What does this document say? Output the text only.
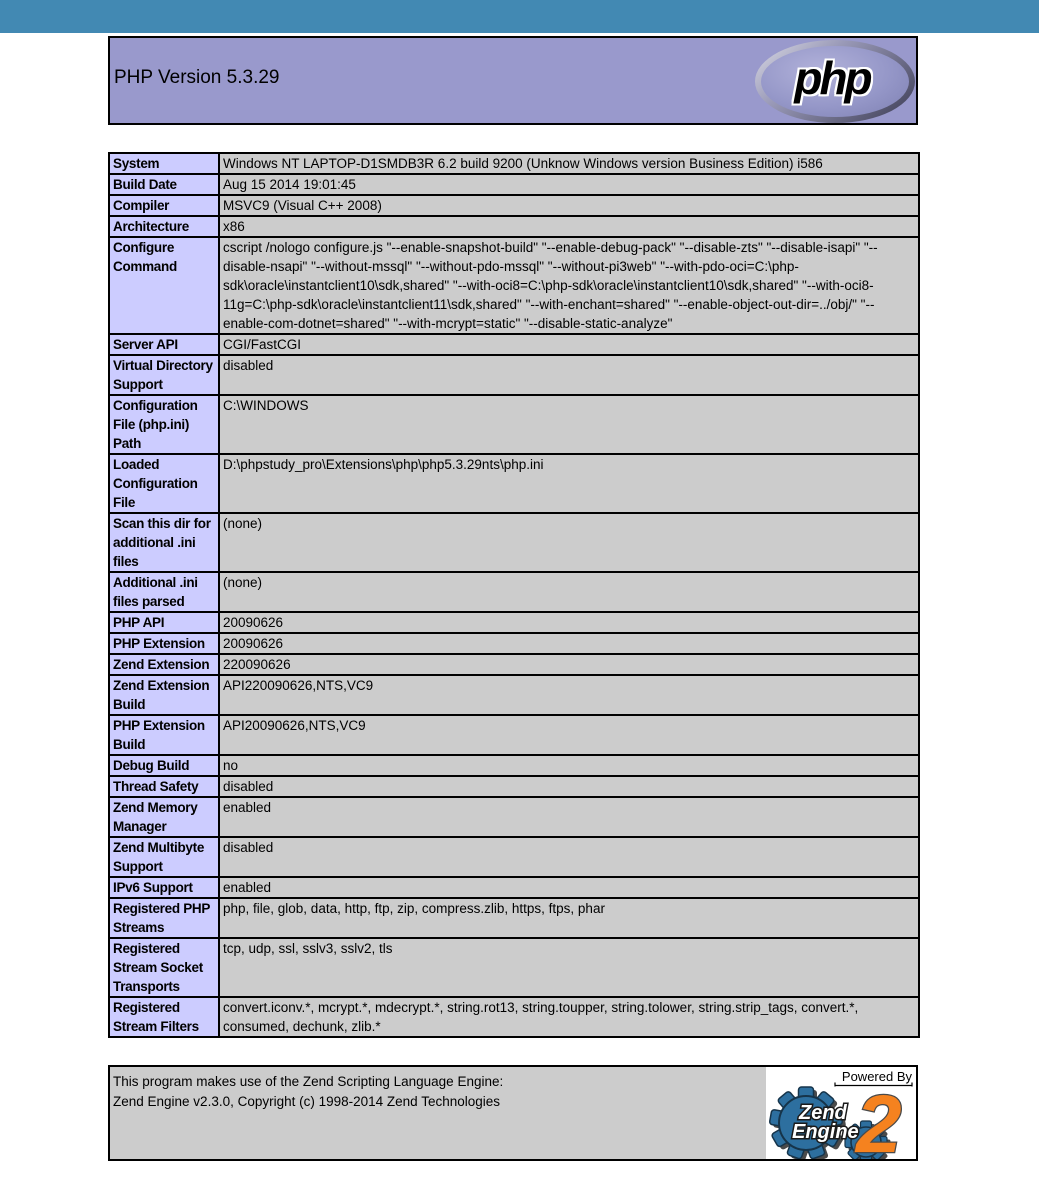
PHP Version 5.3.29	php
System	Windows NT LAPTOP-D1SMDB3R 6.2 build 9200 (Unknow Windows version Business Edition) i586
Build Date	Aug 15 2014 19:01:45
Compiler	MSVC9 (Visual C++ 2008)
Architecture	x86
Configure Command	cscript /nologo configure.js "--enable-snapshot-build" "--enable-debug-pack" "--disable-zts" "--disable-isapi" "--disable-nsapi" "--without-mssql" "--without-pdo-mssql" "--without-pi3web" "--with-pdo-oci=C:\php-sdk\oracle\instantclient10\sdk,shared" "--with-oci8=C:\php-sdk\oracle\instantclient10\sdk,shared" "--with-oci8-11g=C:\php-sdk\oracle\instantclient11\sdk,shared" "--with-enchant=shared" "--enable-object-out-dir=../obj/" "--enable-com-dotnet=shared" "--with-mcrypt=static" "--disable-static-analyze"
Server API	CGI/FastCGI
Virtual Directory Support	disabled
Configuration File (php.ini) Path	C:\WINDOWS
Loaded Configuration File	D:\phpstudy_pro\Extensions\php\php5.3.29nts\php.ini
Scan this dir for additional .ini files	(none)
Additional .ini files parsed	(none)
PHP API	20090626
PHP Extension	20090626
Zend Extension	220090626
Zend Extension Build	API220090626,NTS,VC9
PHP Extension Build	API20090626,NTS,VC9
Debug Build	no
Thread Safety	disabled
Zend Memory Manager	enabled
Zend Multibyte Support	disabled
IPv6 Support	enabled
Registered PHP Streams	php, file, glob, data, http, ftp, zip, compress.zlib, https, ftps, phar
Registered Stream Socket Transports	tcp, udp, ssl, sslv3, sslv2, tls
Registered Stream Filters	convert.iconv.*, mcrypt.*, mdecrypt.*, string.rot13, string.toupper, string.tolower, string.strip_tags, convert.*, consumed, dechunk, zlib.*
This program makes use of the Zend Scripting Language Engine:
Zend Engine v2.3.0, Copyright (c) 1998-2014 Zend Technologies
Powered By
Zend
Engine
2
